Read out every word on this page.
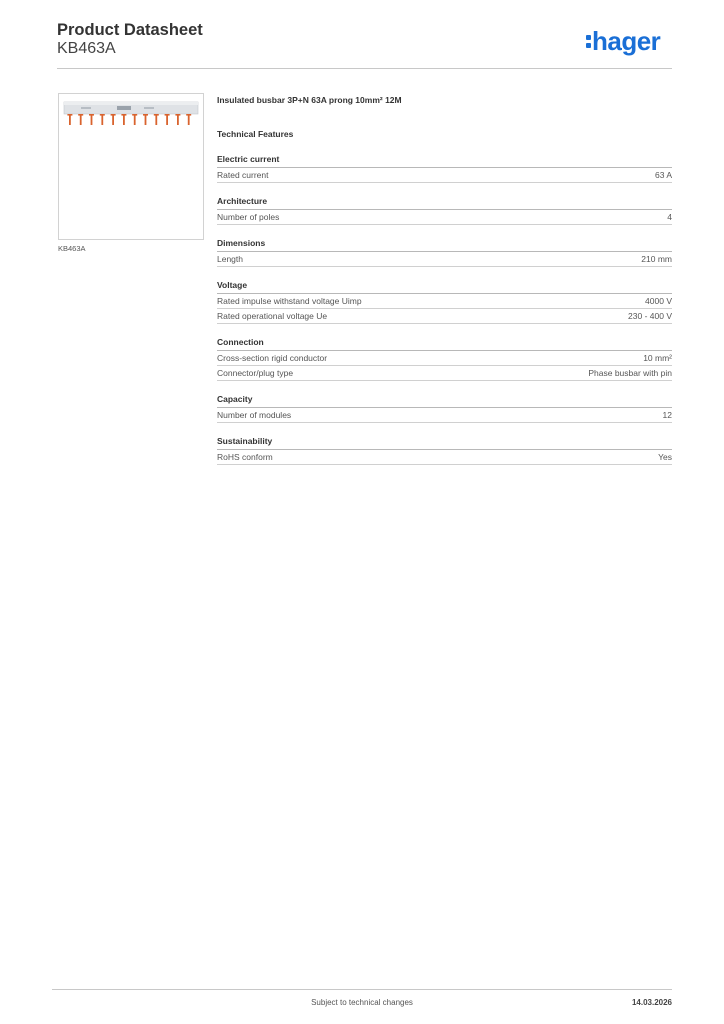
Product Datasheet
KB463A	hager
KB463A
Insulated busbar 3P+N 63A prong 10mm² 12M
Technical Features
Electric current
Rated current	63 A
Architecture
Number of poles	4
Dimensions
Length	210 mm
Voltage
Rated impulse withstand voltage Uimp	4000 V
Rated operational voltage Ue	230 - 400 V
Connection
Cross-section rigid conductor	10 mm²
Connector/plug type	Phase busbar with pin
Capacity
Number of modules	12
Sustainability
RoHS conform	Yes
Subject to technical changes	14.03.2026
